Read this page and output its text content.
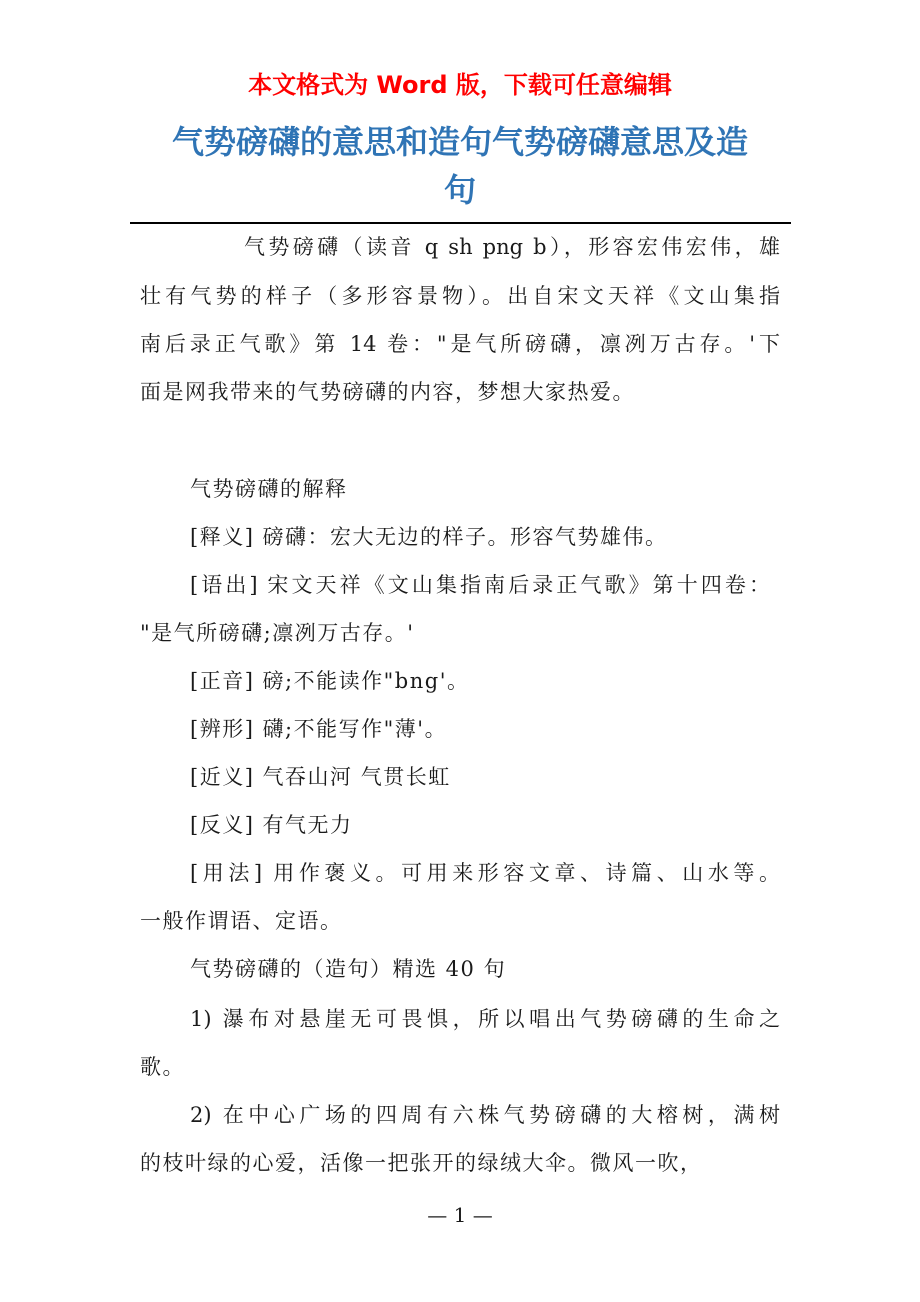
本文格式为 Word 版，下载可任意编辑
气势磅礴的意思和造句气势磅礴意思及造
句
气势磅礴（读音 q sh png b），形容宏伟宏伟，雄
壮有气势的样子（多形容景物）。出自宋文天祥《文山集指
南后录正气歌》第 14 卷："是气所磅礴，凛冽万古存。'下
面是网我带来的气势磅礴的内容，梦想大家热爱。
气势磅礴的解释
[释义] 磅礴：宏大无边的样子。形容气势雄伟。
[语出] 宋文天祥《文山集指南后录正气歌》第十四卷：
"是气所磅礴;凛冽万古存。'
[正音] 磅;不能读作"bng'。
[辨形] 礴;不能写作"薄'。
[近义] 气吞山河 气贯长虹
[反义] 有气无力
[用法] 用作褒义。可用来形容文章、诗篇、山水等。
一般作谓语、定语。
气势磅礴的（造句）精选 40 句
1) 瀑布对悬崖无可畏惧，所以唱出气势磅礴的生命之
歌。
2) 在中心广场的四周有六株气势磅礴的大榕树，满树
的枝叶绿的心爱，活像一把张开的绿绒大伞。微风一吹，
— 1 —
